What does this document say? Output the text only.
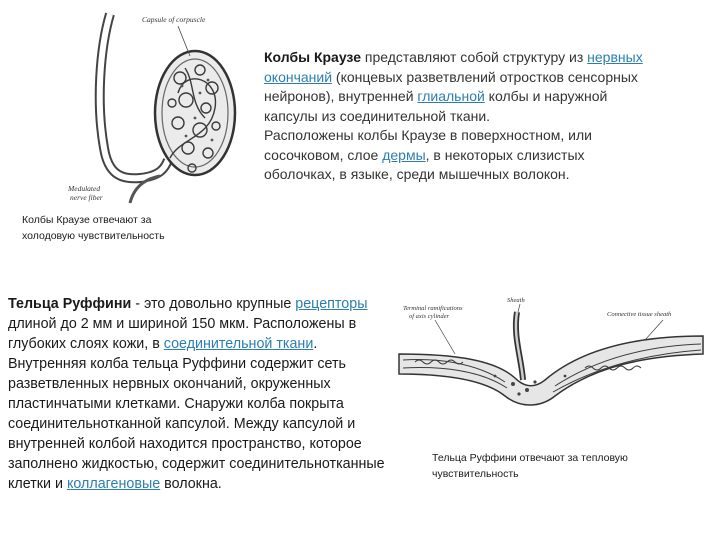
Capsule of corpuscle
Medulated
nerve fiber
Колбы Краузе отвечают за
холодовую чувствительность
Колбы Краузе представляют собой структуру из нервных окончаний (концевых разветвлений отростков сенсорных нейронов), внутренней глиальной колбы и наружной капсулы из соединительной ткани.
Расположены колбы Краузе в поверхностном, или сосочковом, слое дермы, в некоторых слизистых оболочках, в языке, среди мышечных волокон.
Тельца Руффини - это довольно крупные рецепторы длиной до 2 мм и шириной 150 мкм. Расположены в глубоких слоях кожи, в соединительной ткани.
Внутренняя колба тельца Руффини содержит сеть разветвленных нервных окончаний, окруженных пластинчатыми клетками. Снаружи колба покрыта соединительнотканной капсулой. Между капсулой и внутренней колбой находится пространство, которое заполнено жидкостью, содержит соединительнотканные клетки и коллагеновые волокна.
Terminal ramifications
of axis cylinder
Sheath
Connective tissue sheath
Тельца Руффини отвечают за тепловую
чувствительность
